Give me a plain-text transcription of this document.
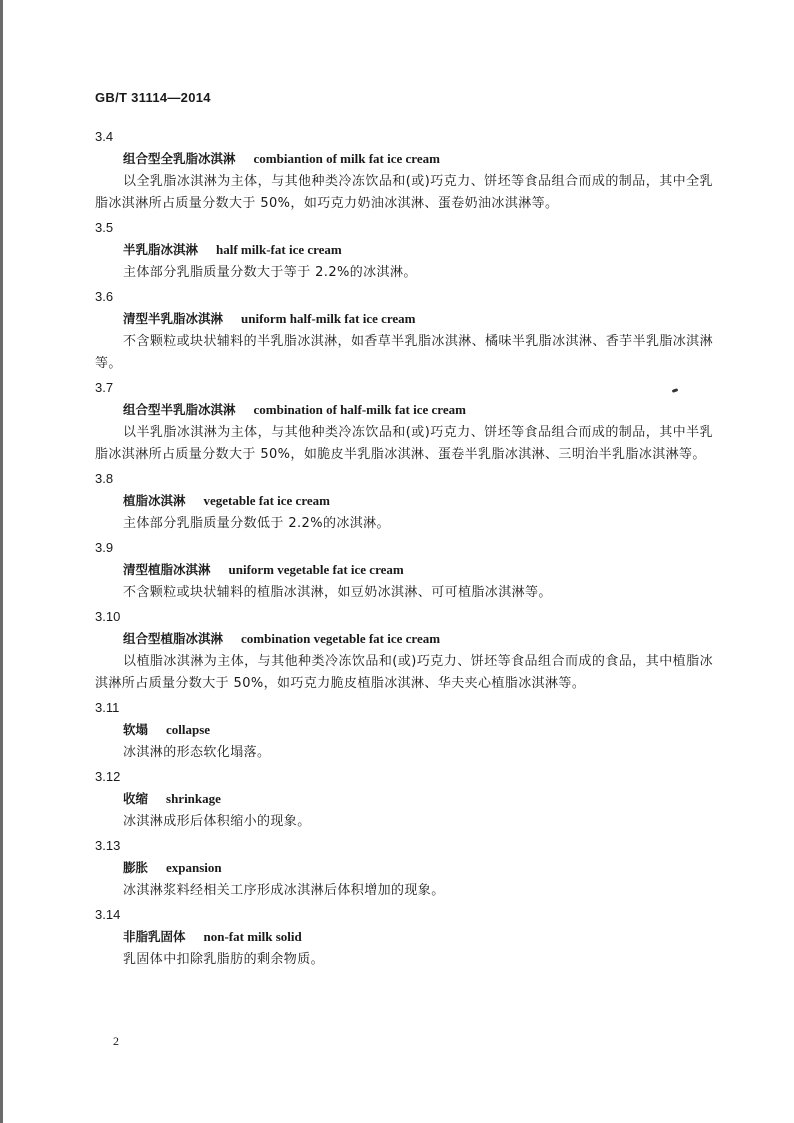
GB/T 31114—2014
3.4
组合型全乳脂冰淇淋 combiantion of milk fat ice cream
以全乳脂冰淇淋为主体，与其他种类冷冻饮品和(或)巧克力、饼坯等食品组合而成的制品，其中全乳脂冰淇淋所占质量分数大于 50%，如巧克力奶油冰淇淋、蛋卷奶油冰淇淋等。
3.5
半乳脂冰淇淋 half milk-fat ice cream
主体部分乳脂质量分数大于等于 2.2%的冰淇淋。
3.6
清型半乳脂冰淇淋 uniform half-milk fat ice cream
不含颗粒或块状辅料的半乳脂冰淇淋，如香草半乳脂冰淇淋、橘味半乳脂冰淇淋、香芋半乳脂冰淇淋等。
3.7
组合型半乳脂冰淇淋 combination of half-milk fat ice cream
以半乳脂冰淇淋为主体，与其他种类冷冻饮品和(或)巧克力、饼坯等食品组合而成的制品，其中半乳脂冰淇淋所占质量分数大于 50%，如脆皮半乳脂冰淇淋、蛋卷半乳脂冰淇淋、三明治半乳脂冰淇淋等。
3.8
植脂冰淇淋 vegetable fat ice cream
主体部分乳脂质量分数低于 2.2%的冰淇淋。
3.9
清型植脂冰淇淋 uniform vegetable fat ice cream
不含颗粒或块状辅料的植脂冰淇淋，如豆奶冰淇淋、可可植脂冰淇淋等。
3.10
组合型植脂冰淇淋 combination vegetable fat ice cream
以植脂冰淇淋为主体，与其他种类冷冻饮品和(或)巧克力、饼坯等食品组合而成的食品，其中植脂冰淇淋所占质量分数大于 50%，如巧克力脆皮植脂冰淇淋、华夫夹心植脂冰淇淋等。
3.11
软塌 collapse
冰淇淋的形态软化塌落。
3.12
收缩 shrinkage
冰淇淋成形后体积缩小的现象。
3.13
膨胀 expansion
冰淇淋浆料经相关工序形成冰淇淋后体积增加的现象。
3.14
非脂乳固体 non-fat milk solid
乳固体中扣除乳脂肪的剩余物质。
2
